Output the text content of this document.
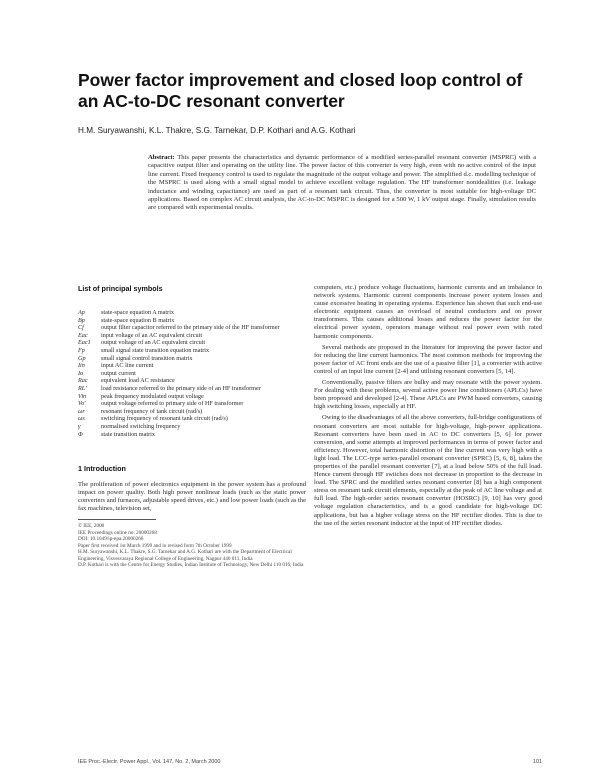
Power factor improvement and closed loop control of an AC-to-DC resonant converter
H.M. Suryawanshi, K.L. Thakre, S.G. Tarnekar, D.P. Kothari and A.G. Kothari

Abstract: This paper presents the characteristics and dynamic performance of a modified series-parallel resonant converter (MSPRC) with a capacitive output filter and operating on the utility line. The power factor of this converter is very high, even with no active control of the input line current. Fixed frequency control is used to regulate the magnitude of the output voltage and power. The simplified d.c. modelling technique of the MSPRC is used along with a small signal model to achieve excellent voltage regulation. The HF transformer nonidealities (i.e. leakage inductance and winding capacitance) are used as part of a resonant tank circuit. Thus, the converter is most suitable for high-voltage DC applications. Based on complex AC circuit analysis, the AC-to-DC MSPRC is designed for a 500 W, 1 kV output stage. Finally, simulation results are compared with experimental results.

List of principal symbols
Ap	state-space equation A matrix
Bp	state-space equation B matrix
Cf	output filter capacitor referred to the primary side of the HF transformer
Eac	input voltage of an AC equivalent circuit
Eac1	output voltage of an AC equivalent circuit
Fp	small signal state transition equation matrix
Gp	small signal control transition matrix
Iin	input AC line current
Io	output current
Rac	equivalent load AC resistance
RL'	load resistance referred to the primary side of an HF transformer
Vin	peak frequency modulated output voltage
Vo'	output voltage referred to primary side of HF transformer
ωr	resonant frequency of tank circuit (rad/s)
ωs	switching frequency of resonant tank circuit (rad/s)
γ	normalised switching frequency
Φ	state transition matrix
1 Introduction

The proliferation of power electronics equipment in the power system has a profound impact on power quality. Both high power nonlinear loads (such as the static power converters and furnaces, adjustable speed drives, etc.) and low power loads (such as the fax machines, television set,

© IEE, 2000
IEE Proceedings online no. 20000268
DOI: 10.1049/ip-epa:20000268
Paper first received 1st March 1999 and in revised form 7th October 1999
H.M. Suryawanshi, K.L. Thakre, S.G. Tarnekar and A.G. Kothari are with the Department of Electrical Engineering, Visvesvaraya Regional College of Engineering, Nagpur 440 011, India
D.P. Kothari is with the Centre for Energy Studies, Indian Institute of Technology, New Delhi 110 016, India

computers, etc.) produce voltage fluctuations, harmonic currents and an imbalance in network systems. Harmonic current components increase power system losses and cause excessive heating in operating systems. Experience has shown that such end-use electronic equipment causes an overload of neutral conductors and on power transformers. This causes additional losses and reduces the power factor for the electrical power system, operators manage without real power even with rated harmonic components.

Several methods are proposed in the literature for improving the power factor and for reducing the line current harmonics. The most common methods for improving the power factor of AC front ends are the use of a passive filter [1], a converter with active control of an input line current [2-4] and utilising resonant converters [5, 14].

Conventionally, passive filters are bulky and may resonate with the power system. For dealing with these problems, several active power line conditioners (APLCs) have been proposed and developed [2-4]. These APLCs are PWM based converters, causing high switching losses, especially at HF.

Owing to the disadvantages of all the above converters, full-bridge configurations of resonant converters are most suitable for high-voltage, high-power applications. Resonant converters have been used in AC to DC converters [5, 6] for power conversion, and some attempts at improved performances in terms of power factor and efficiency. However, total harmonic distortion of the line current was very high with a light load. The LCC-type series-parallel resonant converter (SPRC) [5, 6, 8], takes the properties of the parallel resonant converter [7], at a load below 50% of the full load. Hence current through HF switches does not decrease in proportion to the decrease in load. The SPRC and the modified series resonant converter [8] has a high component stress on resonant tank circuit elements, especially at the peak of AC line voltage and at full load. The high-order series resonant converter (HOSRC) [9, 10] has very good voltage regulation characteristics, and is a good candidate for high-voltage DC applications, but has a higher voltage stress on the HF rectifier diodes. This is due to the use of the series resonant inductor at the input of HF rectifier diodes.

IEE Proc.-Electr. Power Appl., Vol. 147, No. 2, March 2000	101
